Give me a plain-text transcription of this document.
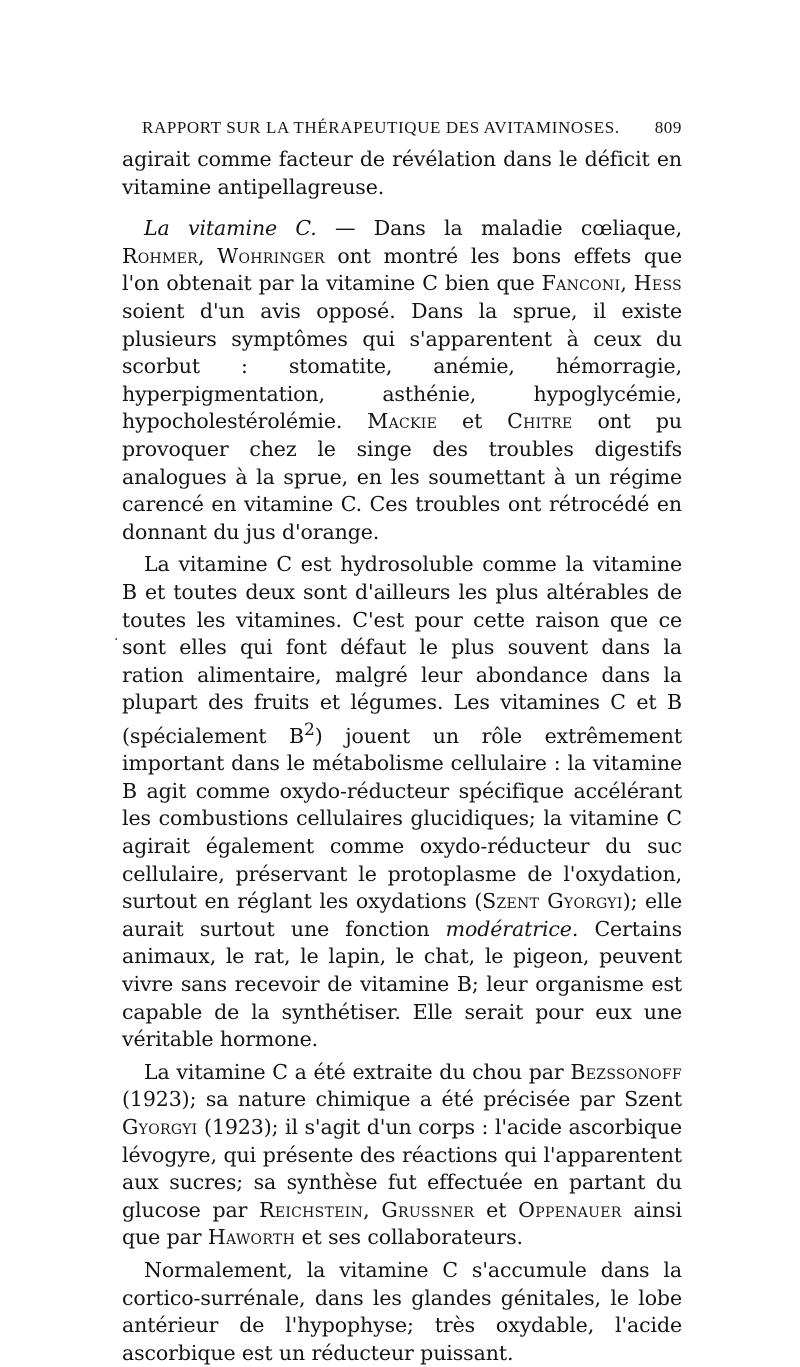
RAPPORT SUR LA THÉRAPEUTIQUE DES AVITAMINOSES. 809

agirait comme facteur de révélation dans le déficit en vitamine antipellagreuse.

La vitamine C. — Dans la maladie cœliaque, Rohmer, Wohringer ont montré les bons effets que l'on obtenait par la vitamine C bien que Fanconi, Hess soient d'un avis opposé. Dans la sprue, il existe plusieurs symptômes qui s'apparentent à ceux du scorbut : stomatite, anémie, hémorragie, hyperpigmentation, asthénie, hypoglycémie, hypocholestérolémie. Mackie et Chitre ont pu provoquer chez le singe des troubles digestifs analogues à la sprue, en les soumettant à un régime carencé en vitamine C. Ces troubles ont rétrocédé en donnant du jus d'orange.

La vitamine C est hydrosoluble comme la vitamine B et toutes deux sont d'ailleurs les plus altérables de toutes les vitamines. C'est pour cette raison que ce sont elles qui font défaut le plus souvent dans la ration alimentaire, malgré leur abondance dans la plupart des fruits et légumes. Les vitamines C et B (spécialement $B^2$) jouent un rôle extrêmement important dans le métabolisme cellulaire : la vitamine B agit comme oxydo-réducteur spécifique accélérant les combustions cellulaires glucidiques; la vitamine C agirait également comme oxydo-réducteur du suc cellulaire, préservant le protoplasme de l'oxydation, surtout en réglant les oxydations (Szent Gyorgyi); elle aurait surtout une fonction modératrice. Certains animaux, le rat, le lapin, le chat, le pigeon, peuvent vivre sans recevoir de vitamine B; leur organisme est capable de la synthétiser. Elle serait pour eux une véritable hormone.

La vitamine C a été extraite du chou par Bezssonoff (1923); sa nature chimique a été précisée par Szent Gyorgyi (1923); il s'agit d'un corps : l'acide ascorbique lévogyre, qui présente des réactions qui l'apparentent aux sucres; sa synthèse fut effectuée en partant du glucose par Reichstein, Grussner et Oppenauer ainsi que par Haworth et ses collaborateurs.

Normalement, la vitamine C s'accumule dans la cortico-surrénale, dans les glandes génitales, le lobe antérieur de l'hypophyse; très oxydable, l'acide ascorbique est un réducteur puissant.

·
